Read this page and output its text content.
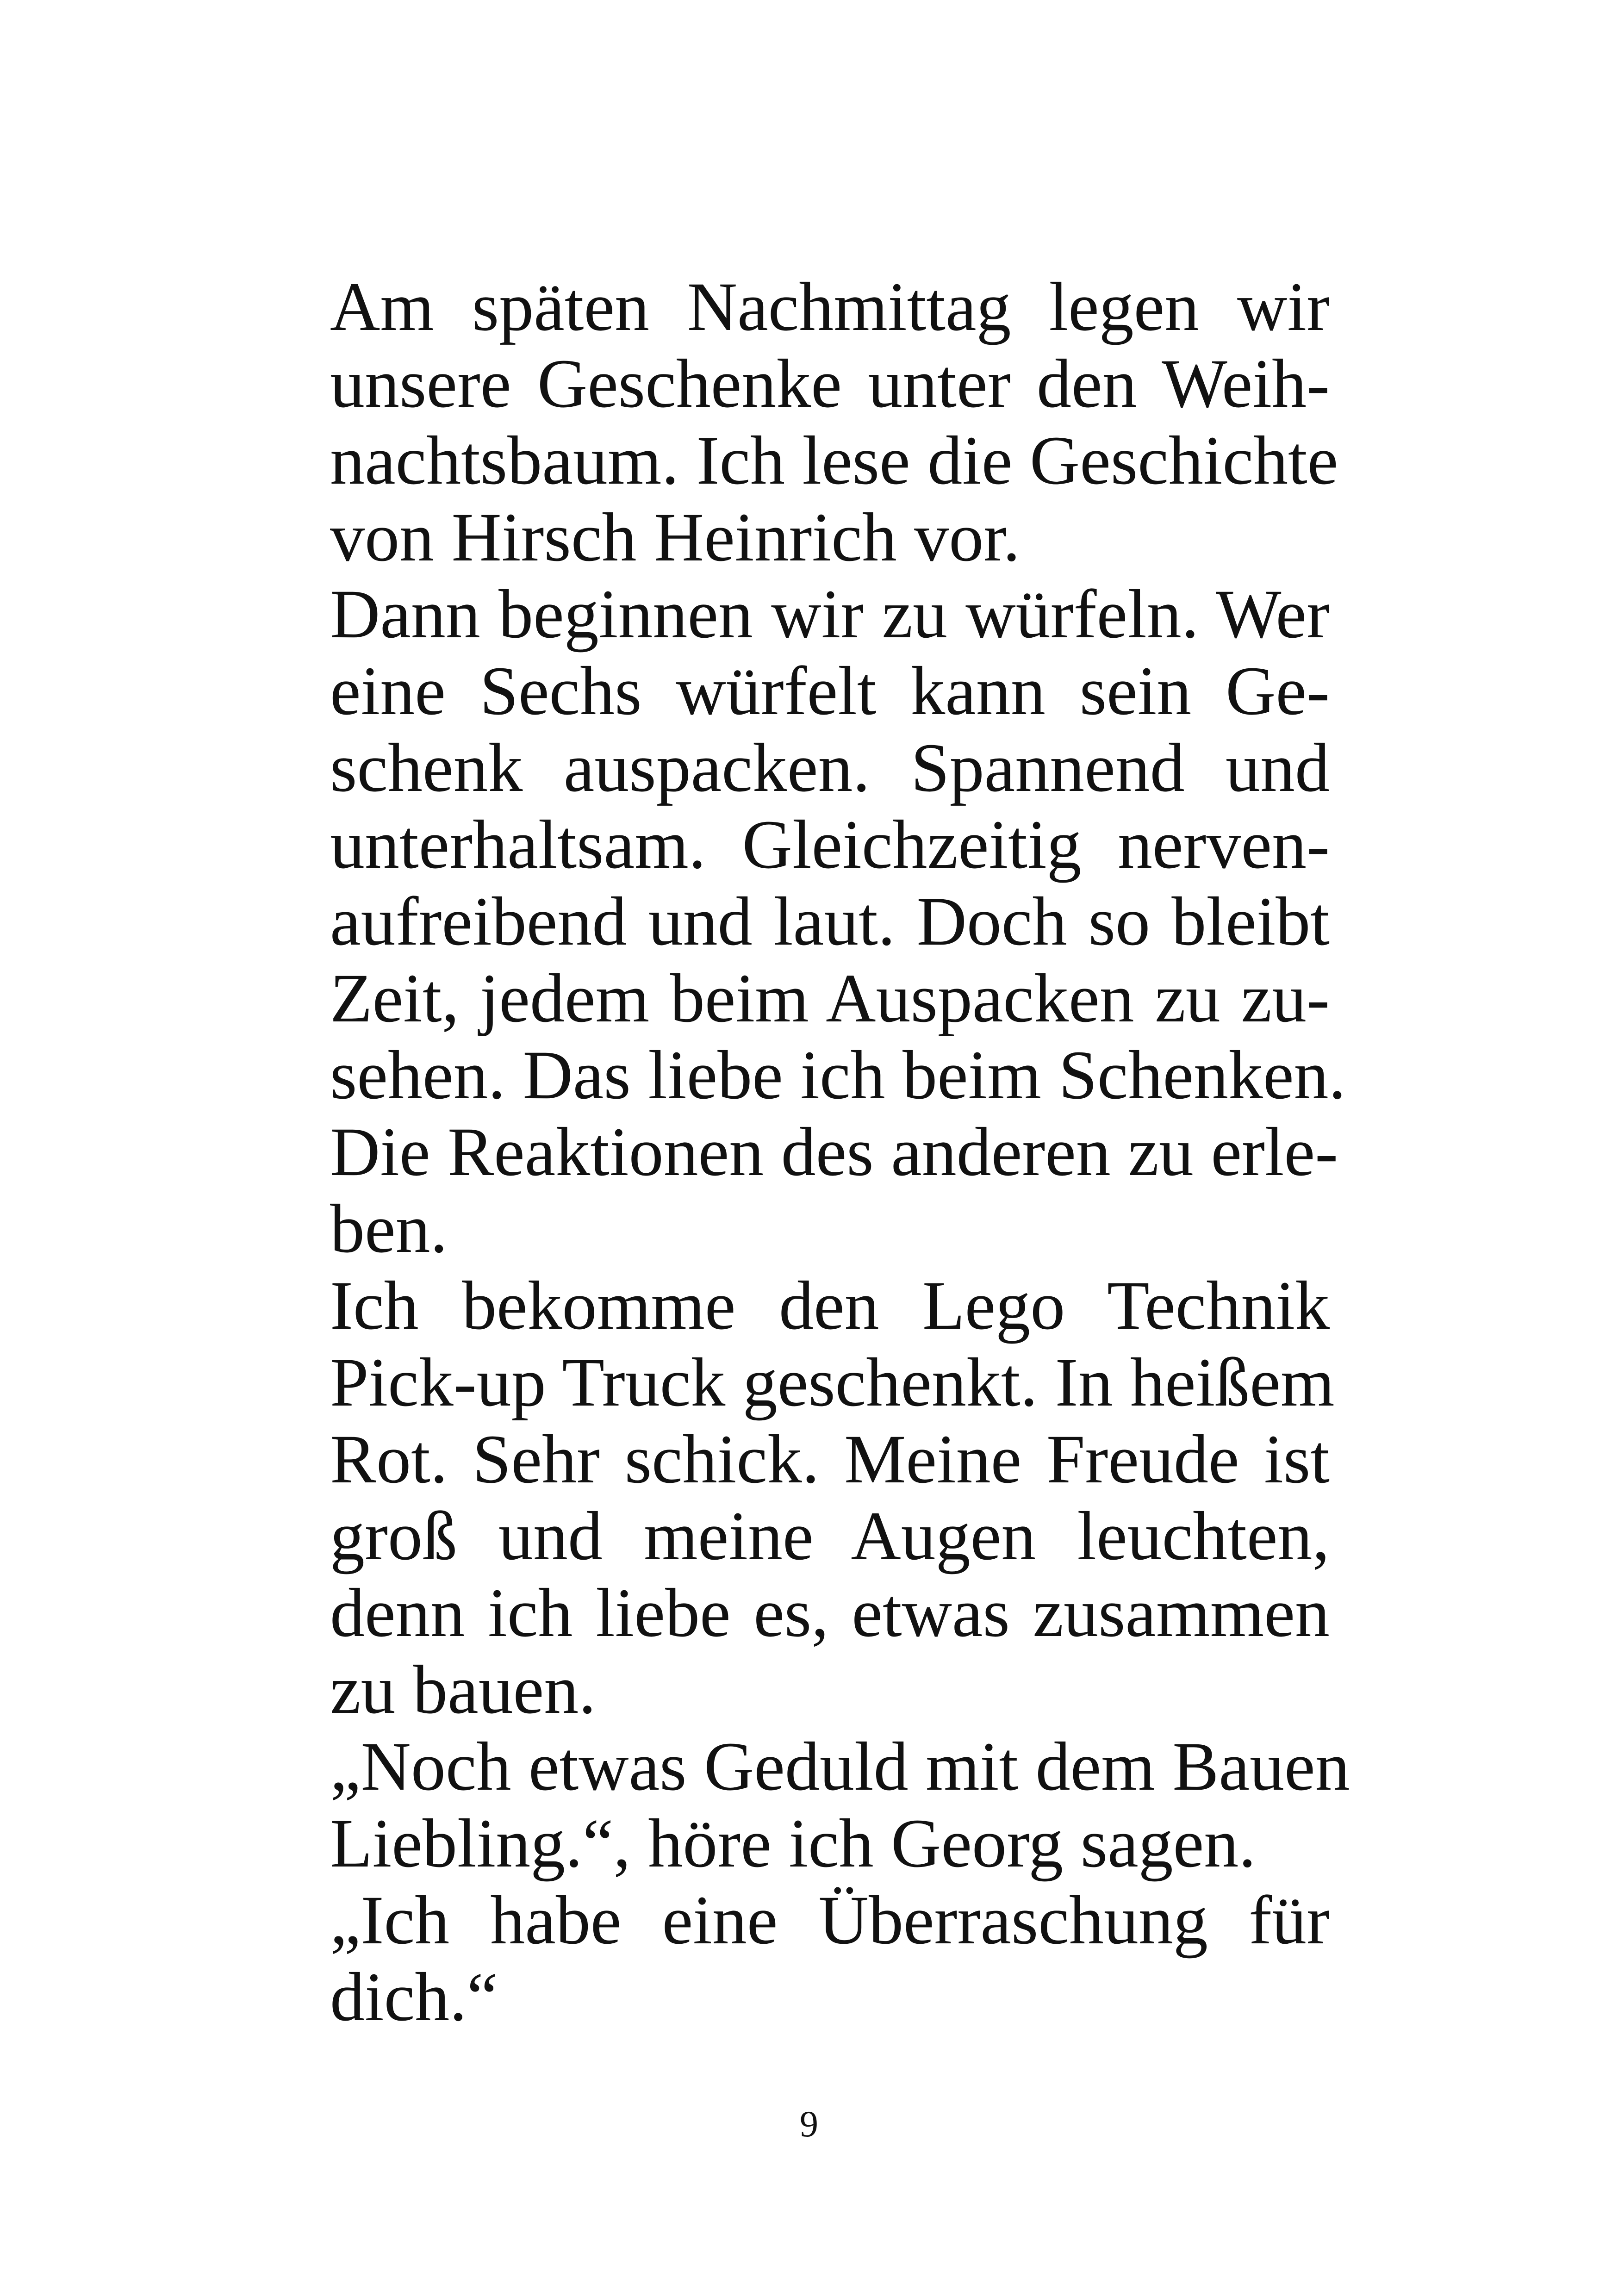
Am späten Nachmittag legen wir
unsere Geschenke unter den Weih-
nachtsbaum. Ich lese die Geschichte
von Hirsch Heinrich vor.
Dann beginnen wir zu würfeln. Wer
eine Sechs würfelt kann sein Ge-
schenk auspacken. Spannend und
unterhaltsam. Gleichzeitig nerven-
aufreibend und laut. Doch so bleibt
Zeit, jedem beim Auspacken zu zu-
sehen. Das liebe ich beim Schenken.
Die Reaktionen des anderen zu erle-
ben.
Ich bekomme den Lego Technik
Pick-up Truck geschenkt. In heißem
Rot. Sehr schick. Meine Freude ist
groß und meine Augen leuchten,
denn ich liebe es, etwas zusammen
zu bauen.
„Noch etwas Geduld mit dem Bauen
Liebling.“, höre ich Georg sagen.
„Ich habe eine Überraschung für
dich.“
9
